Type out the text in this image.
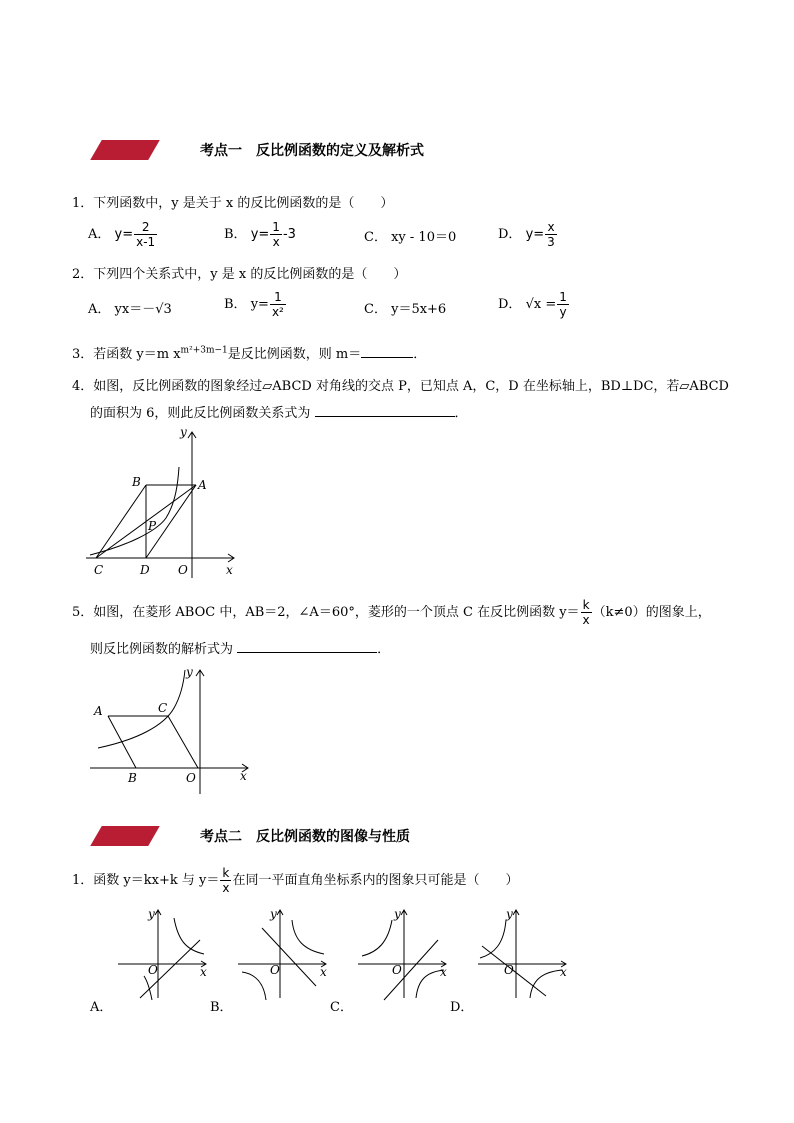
考点一　反比例函数的定义及解析式
1．下列函数中，y 是关于 x 的反比例函数的是（　　）
A． $y= \frac{2}{x-1}$	B． $y= \frac{1}{x} -3$	C． xy - 10＝0	D． $y= \frac{x}{3}$
2．下列四个关系式中，y 是 x 的反比例函数的是（　　）
A． yx＝－√3	B． $y= \frac{1}{\text{x²}}$	C． y＝5x+6	D． $√x = \frac{1}{y}$
3．若函数 y＝m $x^{m^2+3m-1}$是反比例函数，则 m＝	．
4．如图，反比例函数的图象经过▱ABCD 对角线的交点 P，已知点 A，C，D 在坐标轴上，BD⊥DC，若▱ABCD
的面积为 6，则此反比例函数关系式为	．
B	A
P
C	D O	x
y
5．如图，在菱形 ABOC 中，AB＝2，∠A＝60°，菱形的一个顶点 C 在反比例函数 $y= \frac{k}{x} (k\ne 0)$的图象上，
则反比例函数的解析式为	．
A	C
B	O	x
y
考点二　反比例函数的图像与性质
1．函数 y＝kx+k 与 $y= \frac{k}{x}$ 在同一平面直角坐标系内的图象只可能是（　　）
y
O	x
y
O	x
y
O	x
y
O	x
A．	B．	C．	D．
